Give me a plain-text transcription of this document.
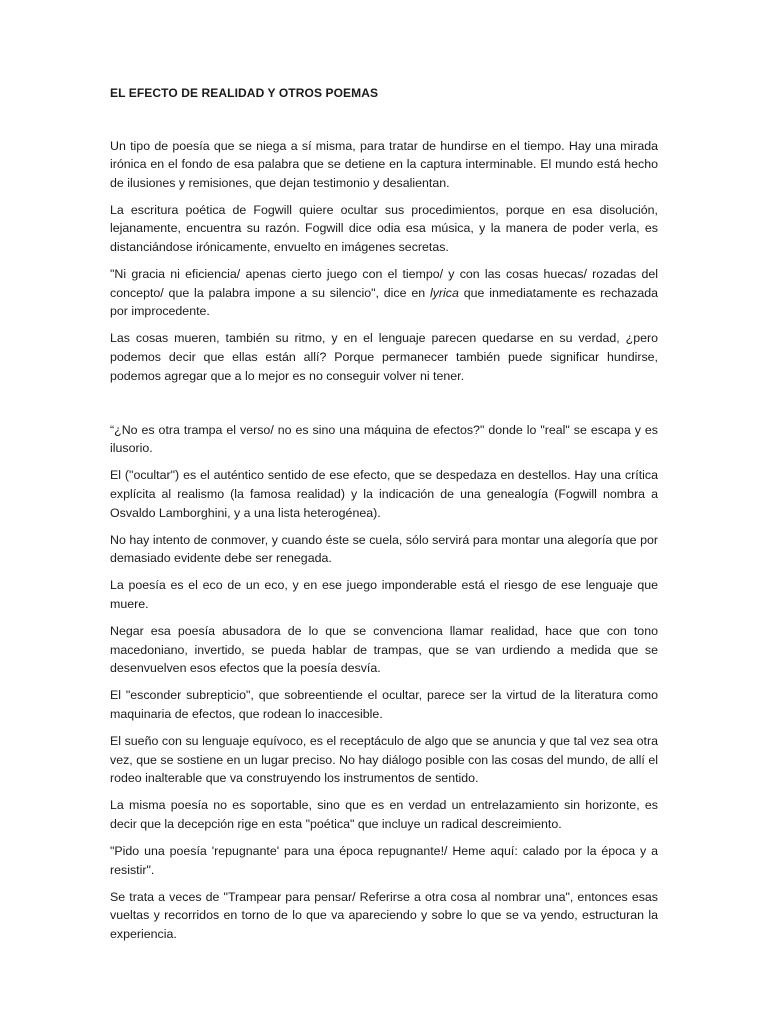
EL EFECTO DE REALIDAD Y OTROS POEMAS

Un tipo de poesía que se niega a sí misma, para tratar de hundirse en el tiempo. Hay una mirada irónica en el fondo de esa palabra que se detiene en la captura interminable. El mundo está hecho de ilusiones y remisiones, que dejan testimonio y desalientan.

La escritura poética de Fogwill quiere ocultar sus procedimientos, porque en esa disolución, lejanamente, encuentra su razón. Fogwill dice odia esa música, y la manera de poder verla, es distanciándose irónicamente, envuelto en imágenes secretas.

"Ni gracia ni eficiencia/ apenas cierto juego con el tiempo/ y con las cosas huecas/ rozadas del concepto/ que la palabra impone a su silencio", dice en lyrica que inmediatamente es rechazada por improcedente.

Las cosas mueren, también su ritmo, y en el lenguaje parecen quedarse en su verdad, ¿pero podemos decir que ellas están allí? Porque permanecer también puede significar hundirse, podemos agregar que a lo mejor es no conseguir volver ni tener.

“¿No es otra trampa el verso/ no es sino una máquina de efectos?" donde lo "real" se escapa y es ilusorio.

El ("ocultar") es el auténtico sentido de ese efecto, que se despedaza en destellos. Hay una crítica explícita al realismo (la famosa realidad) y la indicación de una genealogía (Fogwill nombra a Osvaldo Lamborghini, y a una lista heterogénea).

No hay intento de conmover, y cuando éste se cuela, sólo servirá para montar una alegoría que por demasiado evidente debe ser renegada.

La poesía es el eco de un eco, y en ese juego imponderable está el riesgo de ese lenguaje que muere.

Negar esa poesía abusadora de lo que se convenciona llamar realidad, hace que con tono macedoniano, invertido, se pueda hablar de trampas, que se van urdiendo a medida que se desenvuelven esos efectos que la poesía desvía.

El "esconder subrepticio", que sobreentiende el ocultar, parece ser la virtud de la literatura como maquinaria de efectos, que rodean lo inaccesible.

El sueño con su lenguaje equívoco, es el receptáculo de algo que se anuncia y que tal vez sea otra vez, que se sostiene en un lugar preciso. No hay diálogo posible con las cosas del mundo, de allí el rodeo inalterable que va construyendo los instrumentos de sentido.

La misma poesía no es soportable, sino que es en verdad un entrelazamiento sin horizonte, es decir que la decepción rige en esta "poética" que incluye un radical descreimiento.

"Pido una poesía 'repugnante' para una época repugnante!/ Heme aquí: calado por la época y a resistir".

Se trata a veces de "Trampear para pensar/ Referirse a otra cosa al nombrar una", entonces esas vueltas y recorridos en torno de lo que va apareciendo y sobre lo que se va yendo, estructuran la experiencia.
